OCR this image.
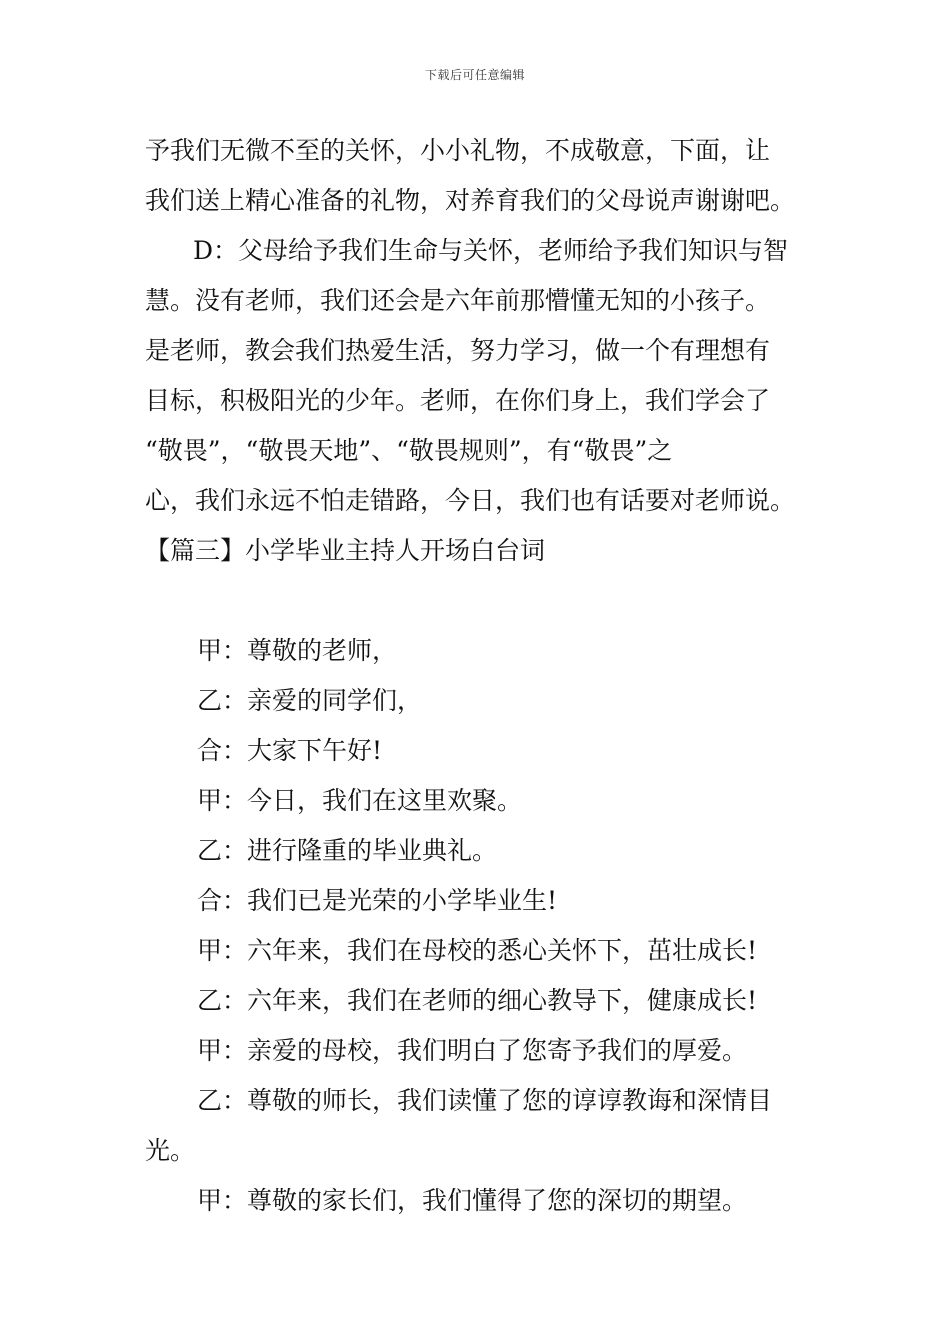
下载后可任意编辑
予我们无微不至的关怀，小小礼物，不成敬意，下面，让
我们送上精心准备的礼物，对养育我们的父母说声谢谢吧。
D：父母给予我们生命与关怀，老师给予我们知识与智
慧。没有老师，我们还会是六年前那懵懂无知的小孩子。
是老师，教会我们热爱生活，努力学习，做一个有理想有
目标，积极阳光的少年。老师，在你们身上，我们学会了
“敬畏”，“敬畏天地”、“敬畏规则”，有“敬畏”之
心，我们永远不怕走错路，今日，我们也有话要对老师说。
【篇三】小学毕业主持人开场白台词
甲：尊敬的老师，
乙：亲爱的同学们，
合：大家下午好!
甲：今日，我们在这里欢聚。
乙：进行隆重的毕业典礼。
合：我们已是光荣的小学毕业生!
甲：六年来，我们在母校的悉心关怀下，茁壮成长!
乙：六年来，我们在老师的细心教导下，健康成长!
甲：亲爱的母校，我们明白了您寄予我们的厚爱。
乙：尊敬的师长，我们读懂了您的谆谆教诲和深情目
光。
甲：尊敬的家长们，我们懂得了您的深切的期望。
